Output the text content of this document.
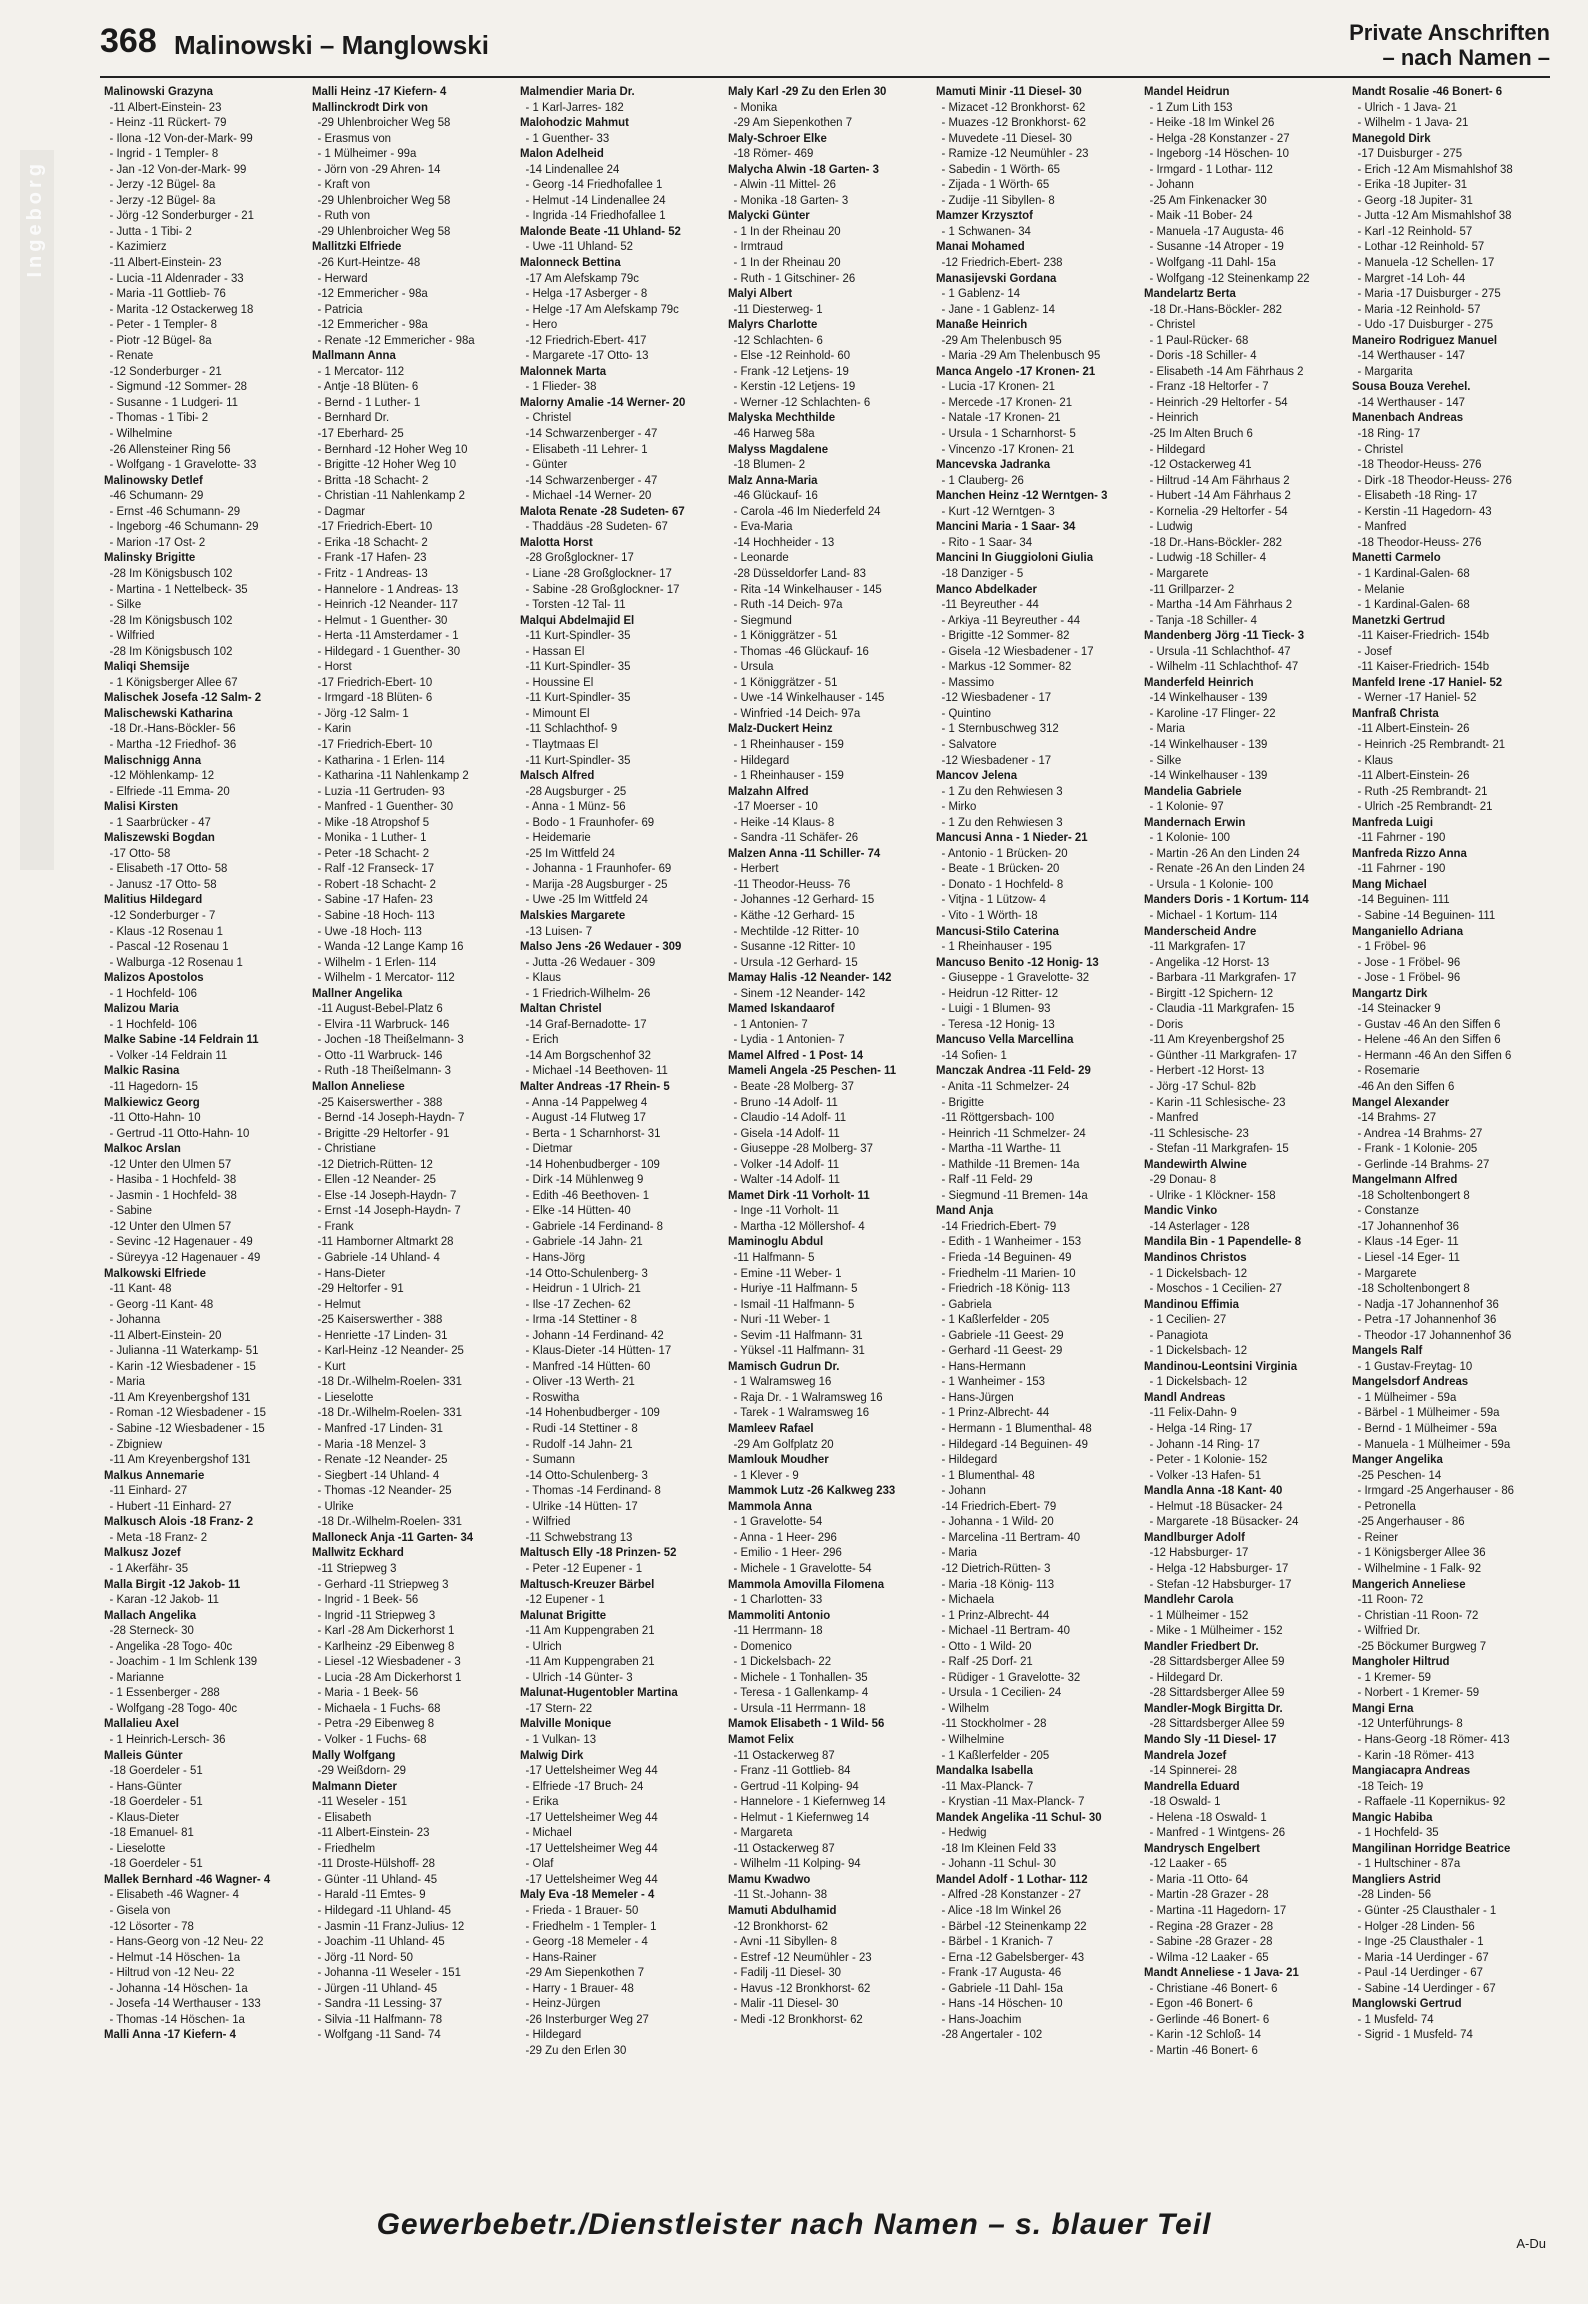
Ingeborg
368 Malinowski – Manglowski	Private Anschriften
– nach Namen –
Malinowski Grazyna
-11 Albert-Einstein- 23
- Heinz -11 Rückert- 79
- Ilona -12 Von-der-Mark- 99
- Ingrid - 1 Templer- 8
- Jan -12 Von-der-Mark- 99
- Jerzy -12 Bügel- 8a
- Jerzy -12 Bügel- 8a
- Jörg -12 Sonderburger - 21
- Jutta - 1 Tibi- 2
- Kazimierz
-11 Albert-Einstein- 23
- Lucia -11 Aldenrader - 33
- Maria -11 Gottlieb- 76
- Marita -12 Ostackerweg 18
- Peter - 1 Templer- 8
- Piotr -12 Bügel- 8a
- Renate
-12 Sonderburger - 21
- Sigmund -12 Sommer- 28
- Susanne - 1 Ludgeri- 11
- Thomas - 1 Tibi- 2
- Wilhelmine
-26 Allensteiner Ring 56
- Wolfgang - 1 Gravelotte- 33
Malinowsky Detlef
-46 Schumann- 29
- Ernst -46 Schumann- 29
- Ingeborg -46 Schumann- 29
- Marion -17 Ost- 2
Malinsky Brigitte
-28 Im Königsbusch 102
- Martina - 1 Nettelbeck- 35
- Silke
-28 Im Königsbusch 102
- Wilfried
-28 Im Königsbusch 102
Maliqi Shemsije
- 1 Königsberger Allee 67
Malischek Josefa -12 Salm- 2
Malischewski Katharina
-18 Dr.-Hans-Böckler- 56
- Martha -12 Friedhof- 36
Malischnigg Anna
-12 Möhlenkamp- 12
- Elfriede -11 Emma- 20
Malisi Kirsten
- 1 Saarbrücker - 47
Maliszewski Bogdan
-17 Otto- 58
- Elisabeth -17 Otto- 58
- Janusz -17 Otto- 58
Malitius Hildegard
-12 Sonderburger - 7
- Klaus -12 Rosenau 1
- Pascal -12 Rosenau 1
- Walburga -12 Rosenau 1
Malizos Apostolos
- 1 Hochfeld- 106
Malizou Maria
- 1 Hochfeld- 106
Malke Sabine -14 Feldrain 11
- Volker -14 Feldrain 11
Malkic Rasina
-11 Hagedorn- 15
Malkiewicz Georg
-11 Otto-Hahn- 10
- Gertrud -11 Otto-Hahn- 10
Malkoc Arslan
-12 Unter den Ulmen 57
- Hasiba - 1 Hochfeld- 38
- Jasmin - 1 Hochfeld- 38
- Sabine
-12 Unter den Ulmen 57
- Sevinc -12 Hagenauer - 49
- Süreyya -12 Hagenauer - 49
Malkowski Elfriede
-11 Kant- 48
- Georg -11 Kant- 48
- Johanna
-11 Albert-Einstein- 20
- Julianna -11 Waterkamp- 51
- Karin -12 Wiesbadener - 15
- Maria
-11 Am Kreyenbergshof 131
- Roman -12 Wiesbadener - 15
- Sabine -12 Wiesbadener - 15
- Zbigniew
-11 Am Kreyenbergshof 131
Malkus Annemarie
-11 Einhard- 27
- Hubert -11 Einhard- 27
Malkusch Alois -18 Franz- 2
- Meta -18 Franz- 2
Malkusz Jozef
- 1 Akerfähr- 35
Malla Birgit -12 Jakob- 11
- Karan -12 Jakob- 11
Mallach Angelika
-28 Sterneck- 30
- Angelika -28 Togo- 40c
- Joachim - 1 Im Schlenk 139
- Marianne
- 1 Essenberger - 288
- Wolfgang -28 Togo- 40c
Mallalieu Axel
- 1 Heinrich-Lersch- 36
Malleis Günter
-18 Goerdeler - 51
- Hans-Günter
-18 Goerdeler - 51
- Klaus-Dieter
-18 Emanuel- 81
- Lieselotte
-18 Goerdeler - 51
Mallek Bernhard -46 Wagner- 4
- Elisabeth -46 Wagner- 4
- Gisela von
-12 Lösorter - 78
- Hans-Georg von -12 Neu- 22
- Helmut -14 Höschen- 1a
- Hiltrud von -12 Neu- 22
- Johanna -14 Höschen- 1a
- Josefa -14 Werthauser - 133
- Thomas -14 Höschen- 1a
Malli Anna -17 Kiefern- 4
Malli Heinz -17 Kiefern- 4
Mallinckrodt Dirk von
-29 Uhlenbroicher Weg 58
- Erasmus von
- 1 Mülheimer - 99a
- Jörn von -29 Ahren- 14
- Kraft von
-29 Uhlenbroicher Weg 58
- Ruth von
-29 Uhlenbroicher Weg 58
Mallitzki Elfriede
-26 Kurt-Heintze- 48
- Herward
-12 Emmericher - 98a
- Patricia
-12 Emmericher - 98a
- Renate -12 Emmericher - 98a
Mallmann Anna
- 1 Mercator- 112
- Antje -18 Blüten- 6
- Bernd - 1 Luther- 1
- Bernhard Dr.
-17 Eberhard- 25
- Bernhard -12 Hoher Weg 10
- Brigitte -12 Hoher Weg 10
- Britta -18 Schacht- 2
- Christian -11 Nahlenkamp 2
- Dagmar
-17 Friedrich-Ebert- 10
- Erika -18 Schacht- 2
- Frank -17 Hafen- 23
- Fritz - 1 Andreas- 13
- Hannelore - 1 Andreas- 13
- Heinrich -12 Neander- 117
- Helmut - 1 Guenther- 30
- Herta -11 Amsterdamer - 1
- Hildegard - 1 Guenther- 30
- Horst
-17 Friedrich-Ebert- 10
- Irmgard -18 Blüten- 6
- Jörg -12 Salm- 1
- Karin
-17 Friedrich-Ebert- 10
- Katharina - 1 Erlen- 114
- Katharina -11 Nahlenkamp 2
- Luzia -11 Gertruden- 93
- Manfred - 1 Guenther- 30
- Mike -18 Atropshof 5
- Monika - 1 Luther- 1
- Peter -18 Schacht- 2
- Ralf -12 Franseck- 17
- Robert -18 Schacht- 2
- Sabine -17 Hafen- 23
- Sabine -18 Hoch- 113
- Uwe -18 Hoch- 113
- Wanda -12 Lange Kamp 16
- Wilhelm - 1 Erlen- 114
- Wilhelm - 1 Mercator- 112
Mallner Angelika
-11 August-Bebel-Platz 6
- Elvira -11 Warbruck- 146
- Jochen -18 Theißelmann- 3
- Otto -11 Warbruck- 146
- Ruth -18 Theißelmann- 3
Mallon Anneliese
-25 Kaiserswerther - 388
- Bernd -14 Joseph-Haydn- 7
- Brigitte -29 Heltorfer - 91
- Christiane
-12 Dietrich-Rütten- 12
- Ellen -12 Neander- 25
- Else -14 Joseph-Haydn- 7
- Ernst -14 Joseph-Haydn- 7
- Frank
-11 Hamborner Altmarkt 28
- Gabriele -14 Uhland- 4
- Hans-Dieter
-29 Heltorfer - 91
- Helmut
-25 Kaiserswerther - 388
- Henriette -17 Linden- 31
- Karl-Heinz -12 Neander- 25
- Kurt
-18 Dr.-Wilhelm-Roelen- 331
- Lieselotte
-18 Dr.-Wilhelm-Roelen- 331
- Manfred -17 Linden- 31
- Maria -18 Menzel- 3
- Renate -12 Neander- 25
- Siegbert -14 Uhland- 4
- Thomas -12 Neander- 25
- Ulrike
-18 Dr.-Wilhelm-Roelen- 331
Malloneck Anja -11 Garten- 34
Mallwitz Eckhard
-11 Striepweg 3
- Gerhard -11 Striepweg 3
- Ingrid - 1 Beek- 56
- Ingrid -11 Striepweg 3
- Karl -28 Am Dickerhorst 1
- Karlheinz -29 Eibenweg 8
- Liesel -12 Wiesbadener - 3
- Lucia -28 Am Dickerhorst 1
- Maria - 1 Beek- 56
- Michaela - 1 Fuchs- 68
- Petra -29 Eibenweg 8
- Volker - 1 Fuchs- 68
Mally Wolfgang
-29 Weißdorn- 29
Malmann Dieter
-11 Weseler - 151
- Elisabeth
-11 Albert-Einstein- 23
- Friedhelm
-11 Droste-Hülshoff- 28
- Günter -11 Uhland- 45
- Harald -11 Emtes- 9
- Hildegard -11 Uhland- 45
- Jasmin -11 Franz-Julius- 12
- Joachim -11 Uhland- 45
- Jörg -11 Nord- 50
- Johanna -11 Weseler - 151
- Jürgen -11 Uhland- 45
- Sandra -11 Lessing- 37
- Silvia -11 Halfmann- 78
- Wolfgang -11 Sand- 74
Malmendier Maria Dr.
- 1 Karl-Jarres- 182
Malohodzic Mahmut
- 1 Guenther- 33
Malon Adelheid
-14 Lindenallee 24
- Georg -14 Friedhofallee 1
- Helmut -14 Lindenallee 24
- Ingrida -14 Friedhofallee 1
Malonde Beate -11 Uhland- 52
- Uwe -11 Uhland- 52
Malonneck Bettina
-17 Am Alefskamp 79c
- Helga -17 Asberger - 8
- Helge -17 Am Alefskamp 79c
- Hero
-12 Friedrich-Ebert- 417
- Margarete -17 Otto- 13
Malonnek Marta
- 1 Flieder- 38
Malorny Amalie -14 Werner- 20
- Christel
-14 Schwarzenberger - 47
- Elisabeth -11 Lehrer- 1
- Günter
-14 Schwarzenberger - 47
- Michael -14 Werner- 20
Malota Renate -28 Sudeten- 67
- Thaddäus -28 Sudeten- 67
Malotta Horst
-28 Großglockner- 17
- Liane -28 Großglockner- 17
- Sabine -28 Großglockner- 17
- Torsten -12 Tal- 11
Malqui Abdelmajid El
-11 Kurt-Spindler- 35
- Hassan El
-11 Kurt-Spindler- 35
- Houssine El
-11 Kurt-Spindler- 35
- Mimount El
-11 Schlachthof- 9
- Tlaytmaas El
-11 Kurt-Spindler- 35
Malsch Alfred
-28 Augsburger - 25
- Anna - 1 Münz- 56
- Bodo - 1 Fraunhofer- 69
- Heidemarie
-25 Im Wittfeld 24
- Johanna - 1 Fraunhofer- 69
- Marija -28 Augsburger - 25
- Uwe -25 Im Wittfeld 24
Malskies Margarete
-13 Luisen- 7
Malso Jens -26 Wedauer - 309
- Jutta -26 Wedauer - 309
- Klaus
- 1 Friedrich-Wilhelm- 26
Maltan Christel
-14 Graf-Bernadotte- 17
- Erich
-14 Am Borgschenhof 32
- Michael -14 Beethoven- 11
Malter Andreas -17 Rhein- 5
- Anna -14 Pappelweg 4
- August -14 Flutweg 17
- Berta - 1 Scharnhorst- 31
- Dietmar
-14 Hohenbudberger - 109
- Dirk -14 Mühlenweg 9
- Edith -46 Beethoven- 1
- Elke -14 Hütten- 40
- Gabriele -14 Ferdinand- 8
- Gabriele -14 Jahn- 21
- Hans-Jörg
-14 Otto-Schulenberg- 3
- Heidrun - 1 Ulrich- 21
- Ilse -17 Zechen- 62
- Irma -14 Stettiner - 8
- Johann -14 Ferdinand- 42
- Klaus-Dieter -14 Hütten- 17
- Manfred -14 Hütten- 60
- Oliver -13 Werth- 21
- Roswitha
-14 Hohenbudberger - 109
- Rudi -14 Stettiner - 8
- Rudolf -14 Jahn- 21
- Sumann
-14 Otto-Schulenberg- 3
- Thomas -14 Ferdinand- 8
- Ulrike -14 Hütten- 17
- Wilfried
-11 Schwebstrang 13
Maltusch Elly -18 Prinzen- 52
- Peter -12 Eupener - 1
Maltusch-Kreuzer Bärbel
-12 Eupener - 1
Malunat Brigitte
-11 Am Kuppengraben 21
- Ulrich
-11 Am Kuppengraben 21
- Ulrich -14 Günter- 3
Malunat-Hugentobler Martina
-17 Stern- 22
Malville Monique
- 1 Vulkan- 13
Malwig Dirk
-17 Uettelsheimer Weg 44
- Elfriede -17 Bruch- 24
- Erika
-17 Uettelsheimer Weg 44
- Michael
-17 Uettelsheimer Weg 44
- Olaf
-17 Uettelsheimer Weg 44
Maly Eva -18 Memeler - 4
- Frieda - 1 Brauer- 50
- Friedhelm - 1 Templer- 1
- Georg -18 Memeler - 4
- Hans-Rainer
-29 Am Siepenkothen 7
- Harry - 1 Brauer- 48
- Heinz-Jürgen
-26 Insterburger Weg 27
- Hildegard
-29 Zu den Erlen 30
Maly Karl -29 Zu den Erlen 30
- Monika
-29 Am Siepenkothen 7
Maly-Schroer Elke
-18 Römer- 469
Malycha Alwin -18 Garten- 3
- Alwin -11 Mittel- 26
- Monika -18 Garten- 3
Malycki Günter
- 1 In der Rheinau 20
- Irmtraud
- 1 In der Rheinau 20
- Ruth - 1 Gitschiner- 26
Malyi Albert
-11 Diesterweg- 1
Malyrs Charlotte
-12 Schlachten- 6
- Else -12 Reinhold- 60
- Frank -12 Letjens- 19
- Kerstin -12 Letjens- 19
- Werner -12 Schlachten- 6
Malyska Mechthilde
-46 Harweg 58a
Malyss Magdalene
-18 Blumen- 2
Malz Anna-Maria
-46 Glückauf- 16
- Carola -46 Im Niederfeld 24
- Eva-Maria
-14 Hochheider - 13
- Leonarde
-28 Düsseldorfer Land- 83
- Rita -14 Winkelhauser - 145
- Ruth -14 Deich- 97a
- Siegmund
- 1 Königgrätzer - 51
- Thomas -46 Glückauf- 16
- Ursula
- 1 Königgrätzer - 51
- Uwe -14 Winkelhauser - 145
- Winfried -14 Deich- 97a
Malz-Duckert Heinz
- 1 Rheinhauser - 159
- Hildegard
- 1 Rheinhauser - 159
Malzahn Alfred
-17 Moerser - 10
- Heike -14 Klaus- 8
- Sandra -11 Schäfer- 26
Malzen Anna -11 Schiller- 74
- Herbert
-11 Theodor-Heuss- 76
- Johannes -12 Gerhard- 15
- Käthe -12 Gerhard- 15
- Mechtilde -12 Ritter- 10
- Susanne -12 Ritter- 10
- Ursula -12 Gerhard- 15
Mamay Halis -12 Neander- 142
- Sinem -12 Neander- 142
Mamed Iskandaarof
- 1 Antonien- 7
- Lydia - 1 Antonien- 7
Mamel Alfred - 1 Post- 14
Mameli Angela -25 Peschen- 11
- Beate -28 Molberg- 37
- Bruno -14 Adolf- 11
- Claudio -14 Adolf- 11
- Gisela -14 Adolf- 11
- Giuseppe -28 Molberg- 37
- Volker -14 Adolf- 11
- Walter -14 Adolf- 11
Mamet Dirk -11 Vorholt- 11
- Inge -11 Vorholt- 11
- Martha -12 Möllershof- 4
Maminoglu Abdul
-11 Halfmann- 5
- Emine -11 Weber- 1
- Huriye -11 Halfmann- 5
- Ismail -11 Halfmann- 5
- Nuri -11 Weber- 1
- Sevim -11 Halfmann- 31
- Yüksel -11 Halfmann- 31
Mamisch Gudrun Dr.
- 1 Walramsweg 16
- Raja Dr. - 1 Walramsweg 16
- Tarek - 1 Walramsweg 16
Mamleev Rafael
-29 Am Golfplatz 20
Mamlouk Moudher
- 1 Klever - 9
Mammok Lutz -26 Kalkweg 233
Mammola Anna
- 1 Gravelotte- 54
- Anna - 1 Heer- 296
- Emilio - 1 Heer- 296
- Michele - 1 Gravelotte- 54
Mammola Amovilla Filomena
- 1 Charlotten- 33
Mammoliti Antonio
-11 Herrmann- 18
- Domenico
- 1 Dickelsbach- 22
- Michele - 1 Tonhallen- 35
- Teresa - 1 Gallenkamp- 4
- Ursula -11 Herrmann- 18
Mamok Elisabeth - 1 Wild- 56
Mamot Felix
-11 Ostackerweg 87
- Franz -11 Gottlieb- 84
- Gertrud -11 Kolping- 94
- Hannelore - 1 Kiefernweg 14
- Helmut - 1 Kiefernweg 14
- Margareta
-11 Ostackerweg 87
- Wilhelm -11 Kolping- 94
Mamu Kwadwo
-11 St.-Johann- 38
Mamuti Abdulhamid
-12 Bronkhorst- 62
- Avni -11 Sibyllen- 8
- Estref -12 Neumühler - 23
- Fadilj -11 Diesel- 30
- Havus -12 Bronkhorst- 62
- Malir -11 Diesel- 30
- Medi -12 Bronkhorst- 62
Mamuti Minir -11 Diesel- 30
- Mizacet -12 Bronkhorst- 62
- Muazes -12 Bronkhorst- 62
- Muvedete -11 Diesel- 30
- Ramize -12 Neumühler - 23
- Sabedin - 1 Wörth- 65
- Zijada - 1 Wörth- 65
- Zudije -11 Sibyllen- 8
Mamzer Krzysztof
- 1 Schwanen- 34
Manai Mohamed
-12 Friedrich-Ebert- 238
Manasijevski Gordana
- 1 Gablenz- 14
- Jane - 1 Gablenz- 14
Manaße Heinrich
-29 Am Thelenbusch 95
- Maria -29 Am Thelenbusch 95
Manca Angelo -17 Kronen- 21
- Lucia -17 Kronen- 21
- Mercede -17 Kronen- 21
- Natale -17 Kronen- 21
- Ursula - 1 Scharnhorst- 5
- Vincenzo -17 Kronen- 21
Mancevska Jadranka
- 1 Clauberg- 26
Manchen Heinz -12 Werntgen- 3
- Kurt -12 Werntgen- 3
Mancini Maria - 1 Saar- 34
- Rito - 1 Saar- 34
Mancini In Giuggioloni Giulia
-18 Danziger - 5
Manco Abdelkader
-11 Beyreuther - 44
- Arkiya -11 Beyreuther - 44
- Brigitte -12 Sommer- 82
- Gisela -12 Wiesbadener - 17
- Markus -12 Sommer- 82
- Massimo
-12 Wiesbadener - 17
- Quintino
- 1 Sternbuschweg 312
- Salvatore
-12 Wiesbadener - 17
Mancov Jelena
- 1 Zu den Rehwiesen 3
- Mirko
- 1 Zu den Rehwiesen 3
Mancusi Anna - 1 Nieder- 21
- Antonio - 1 Brücken- 20
- Beate - 1 Brücken- 20
- Donato - 1 Hochfeld- 8
- Vitjna - 1 Lützow- 4
- Vito - 1 Wörth- 18
Mancusi-Stilo Caterina
- 1 Rheinhauser - 195
Mancuso Benito -12 Honig- 13
- Giuseppe - 1 Gravelotte- 32
- Heidrun -12 Ritter- 12
- Luigi - 1 Blumen- 93
- Teresa -12 Honig- 13
Mancuso Vella Marcellina
-14 Sofien- 1
Manczak Andrea -11 Feld- 29
- Anita -11 Schmelzer- 24
- Brigitte
-11 Röttgersbach- 100
- Heinrich -11 Schmelzer- 24
- Martha -11 Warthe- 11
- Mathilde -11 Bremen- 14a
- Ralf -11 Feld- 29
- Siegmund -11 Bremen- 14a
Mand Anja
-14 Friedrich-Ebert- 79
- Edith - 1 Wanheimer - 153
- Frieda -14 Beguinen- 49
- Friedhelm -11 Marien- 10
- Friedrich -18 König- 113
- Gabriela
- 1 Kaßlerfelder - 205
- Gabriele -11 Geest- 29
- Gerhard -11 Geest- 29
- Hans-Hermann
- 1 Wanheimer - 153
- Hans-Jürgen
- 1 Prinz-Albrecht- 44
- Hermann - 1 Blumenthal- 48
- Hildegard -14 Beguinen- 49
- Hildegard
- 1 Blumenthal- 48
- Johann
-14 Friedrich-Ebert- 79
- Johanna - 1 Wild- 20
- Marcelina -11 Bertram- 40
- Maria
-12 Dietrich-Rütten- 3
- Maria -18 König- 113
- Michaela
- 1 Prinz-Albrecht- 44
- Michael -11 Bertram- 40
- Otto - 1 Wild- 20
- Ralf -25 Dorf- 21
- Rüdiger - 1 Gravelotte- 32
- Ursula - 1 Cecilien- 24
- Wilhelm
-11 Stockholmer - 28
- Wilhelmine
- 1 Kaßlerfelder - 205
Mandalka Isabella
-11 Max-Planck- 7
- Krystian -11 Max-Planck- 7
Mandek Angelika -11 Schul- 30
- Hedwig
-18 Im Kleinen Feld 33
- Johann -11 Schul- 30
Mandel Adolf - 1 Lothar- 112
- Alfred -28 Konstanzer - 27
- Alice -18 Im Winkel 26
- Bärbel -12 Steinenkamp 22
- Bärbel - 1 Kranich- 7
- Erna -12 Gabelsberger- 43
- Frank -17 Augusta- 46
- Gabriele -11 Dahl- 15a
- Hans -14 Höschen- 10
- Hans-Joachim
-28 Angertaler - 102
Mandel Heidrun
- 1 Zum Lith 153
- Heike -18 Im Winkel 26
- Helga -28 Konstanzer - 27
- Ingeborg -14 Höschen- 10
- Irmgard - 1 Lothar- 112
- Johann
-25 Am Finkenacker 30
- Maik -11 Bober- 24
- Manuela -17 Augusta- 46
- Susanne -14 Atroper - 19
- Wolfgang -11 Dahl- 15a
- Wolfgang -12 Steinenkamp 22
Mandelartz Berta
-18 Dr.-Hans-Böckler- 282
- Christel
- 1 Paul-Rücker- 68
- Doris -18 Schiller- 4
- Elisabeth -14 Am Fährhaus 2
- Franz -18 Heltorfer - 7
- Heinrich -29 Heltorfer - 54
- Heinrich
-25 Im Alten Bruch 6
- Hildegard
-12 Ostackerweg 41
- Hiltrud -14 Am Fährhaus 2
- Hubert -14 Am Fährhaus 2
- Kornelia -29 Heltorfer - 54
- Ludwig
-18 Dr.-Hans-Böckler- 282
- Ludwig -18 Schiller- 4
- Margarete
-11 Grillparzer- 2
- Martha -14 Am Fährhaus 2
- Tanja -18 Schiller- 4
Mandenberg Jörg -11 Tieck- 3
- Ursula -11 Schlachthof- 47
- Wilhelm -11 Schlachthof- 47
Manderfeld Heinrich
-14 Winkelhauser - 139
- Karoline -17 Flinger- 22
- Maria
-14 Winkelhauser - 139
- Silke
-14 Winkelhauser - 139
Mandelia Gabriele
- 1 Kolonie- 97
Mandernach Erwin
- 1 Kolonie- 100
- Martin -26 An den Linden 24
- Renate -26 An den Linden 24
- Ursula - 1 Kolonie- 100
Manders Doris - 1 Kortum- 114
- Michael - 1 Kortum- 114
Manderscheid Andre
-11 Markgrafen- 17
- Angelika -12 Horst- 13
- Barbara -11 Markgrafen- 17
- Birgitt -12 Spichern- 12
- Claudia -11 Markgrafen- 15
- Doris
-11 Am Kreyenbergshof 25
- Günther -11 Markgrafen- 17
- Herbert -12 Horst- 13
- Jörg -17 Schul- 82b
- Karin -11 Schlesische- 23
- Manfred
-11 Schlesische- 23
- Stefan -11 Markgrafen- 15
Mandewirth Alwine
-29 Donau- 8
- Ulrike - 1 Klöckner- 158
Mandic Vinko
-14 Asterlager - 128
Mandila Bin - 1 Papendelle- 8
Mandinos Christos
- 1 Dickelsbach- 12
- Moschos - 1 Cecilien- 27
Mandinou Effimia
- 1 Cecilien- 27
- Panagiota
- 1 Dickelsbach- 12
Mandinou-Leontsini Virginia
- 1 Dickelsbach- 12
Mandl Andreas
-11 Felix-Dahn- 9
- Helga -14 Ring- 17
- Johann -14 Ring- 17
- Peter - 1 Kolonie- 152
- Volker -13 Hafen- 51
Mandla Anna -18 Kant- 40
- Helmut -18 Büsacker- 24
- Margarete -18 Büsacker- 24
Mandlburger Adolf
-12 Habsburger- 17
- Helga -12 Habsburger- 17
- Stefan -12 Habsburger- 17
Mandlehr Carola
- 1 Mülheimer - 152
- Mike - 1 Mülheimer - 152
Mandler Friedbert Dr.
-28 Sittardsberger Allee 59
- Hildegard Dr.
-28 Sittardsberger Allee 59
Mandler-Mogk Birgitta Dr.
-28 Sittardsberger Allee 59
Mando Sly -11 Diesel- 17
Mandrela Jozef
-14 Spinnerei- 28
Mandrella Eduard
-18 Oswald- 1
- Helena -18 Oswald- 1
- Manfred - 1 Wintgens- 26
Mandrysch Engelbert
-12 Laaker - 65
- Maria -11 Otto- 64
- Martin -28 Grazer - 28
- Martina -11 Hagedorn- 17
- Regina -28 Grazer - 28
- Sabine -28 Grazer - 28
- Wilma -12 Laaker - 65
Mandt Anneliese - 1 Java- 21
- Christiane -46 Bonert- 6
- Egon -46 Bonert- 6
- Gerlinde -46 Bonert- 6
- Karin -12 Schloß- 14
- Martin -46 Bonert- 6
Mandt Rosalie -46 Bonert- 6
- Ulrich - 1 Java- 21
- Wilhelm - 1 Java- 21
Manegold Dirk
-17 Duisburger - 275
- Erich -12 Am Mismahlshof 38
- Erika -18 Jupiter- 31
- Georg -18 Jupiter- 31
- Jutta -12 Am Mismahlshof 38
- Karl -12 Reinhold- 57
- Lothar -12 Reinhold- 57
- Manuela -12 Schellen- 17
- Margret -14 Loh- 44
- Maria -17 Duisburger - 275
- Maria -12 Reinhold- 57
- Udo -17 Duisburger - 275
Maneiro Rodriguez Manuel
-14 Werthauser - 147
- Margarita
Sousa Bouza Verehel.
-14 Werthauser - 147
Manenbach Andreas
-18 Ring- 17
- Christel
-18 Theodor-Heuss- 276
- Dirk -18 Theodor-Heuss- 276
- Elisabeth -18 Ring- 17
- Kerstin -11 Hagedorn- 43
- Manfred
-18 Theodor-Heuss- 276
Manetti Carmelo
- 1 Kardinal-Galen- 68
- Melanie
- 1 Kardinal-Galen- 68
Manetzki Gertrud
-11 Kaiser-Friedrich- 154b
- Josef
-11 Kaiser-Friedrich- 154b
Manfeld Irene -17 Haniel- 52
- Werner -17 Haniel- 52
Manfraß Christa
-11 Albert-Einstein- 26
- Heinrich -25 Rembrandt- 21
- Klaus
-11 Albert-Einstein- 26
- Ruth -25 Rembrandt- 21
- Ulrich -25 Rembrandt- 21
Manfreda Luigi
-11 Fahrner - 190
Manfreda Rizzo Anna
-11 Fahrner - 190
Mang Michael
-14 Beguinen- 111
- Sabine -14 Beguinen- 111
Manganiello Adriana
- 1 Fröbel- 96
- Jose - 1 Fröbel- 96
- Jose - 1 Fröbel- 96
Mangartz Dirk
-14 Steinacker 9
- Gustav -46 An den Siffen 6
- Helene -46 An den Siffen 6
- Hermann -46 An den Siffen 6
- Rosemarie
-46 An den Siffen 6
Mangel Alexander
-14 Brahms- 27
- Andrea -14 Brahms- 27
- Frank - 1 Kolonie- 205
- Gerlinde -14 Brahms- 27
Mangelmann Alfred
-18 Scholtenbongert 8
- Constanze
-17 Johannenhof 36
- Klaus -14 Eger- 11
- Liesel -14 Eger- 11
- Margarete
-18 Scholtenbongert 8
- Nadja -17 Johannenhof 36
- Petra -17 Johannenhof 36
- Theodor -17 Johannenhof 36
Mangels Ralf
- 1 Gustav-Freytag- 10
Mangelsdorf Andreas
- 1 Mülheimer - 59a
- Bärbel - 1 Mülheimer - 59a
- Bernd - 1 Mülheimer - 59a
- Manuela - 1 Mülheimer - 59a
Manger Angelika
-25 Peschen- 14
- Irmgard -25 Angerhauser - 86
- Petronella
-25 Angerhauser - 86
- Reiner
- 1 Königsberger Allee 36
- Wilhelmine - 1 Falk- 92
Mangerich Anneliese
-11 Roon- 72
- Christian -11 Roon- 72
- Wilfried Dr.
-25 Böckumer Burgweg 7
Mangholer Hiltrud
- 1 Kremer- 59
- Norbert - 1 Kremer- 59
Mangi Erna
-12 Unterführungs- 8
- Hans-Georg -18 Römer- 413
- Karin -18 Römer- 413
Mangiacapra Andreas
-18 Teich- 19
- Raffaele -11 Kopernikus- 92
Mangic Habiba
- 1 Hochfeld- 35
Mangilinan Horridge Beatrice
- 1 Hultschiner - 87a
Mangliers Astrid
-28 Linden- 56
- Günter -25 Clausthaler - 1
- Holger -28 Linden- 56
- Inge -25 Clausthaler - 1
- Maria -14 Uerdinger - 67
- Paul -14 Uerdinger - 67
- Sabine -14 Uerdinger - 67
Manglowski Gertrud
- 1 Musfeld- 74
- Sigrid - 1 Musfeld- 74
Gewerbebetr./Dienstleister nach Namen – s. blauer Teil
A-Du
